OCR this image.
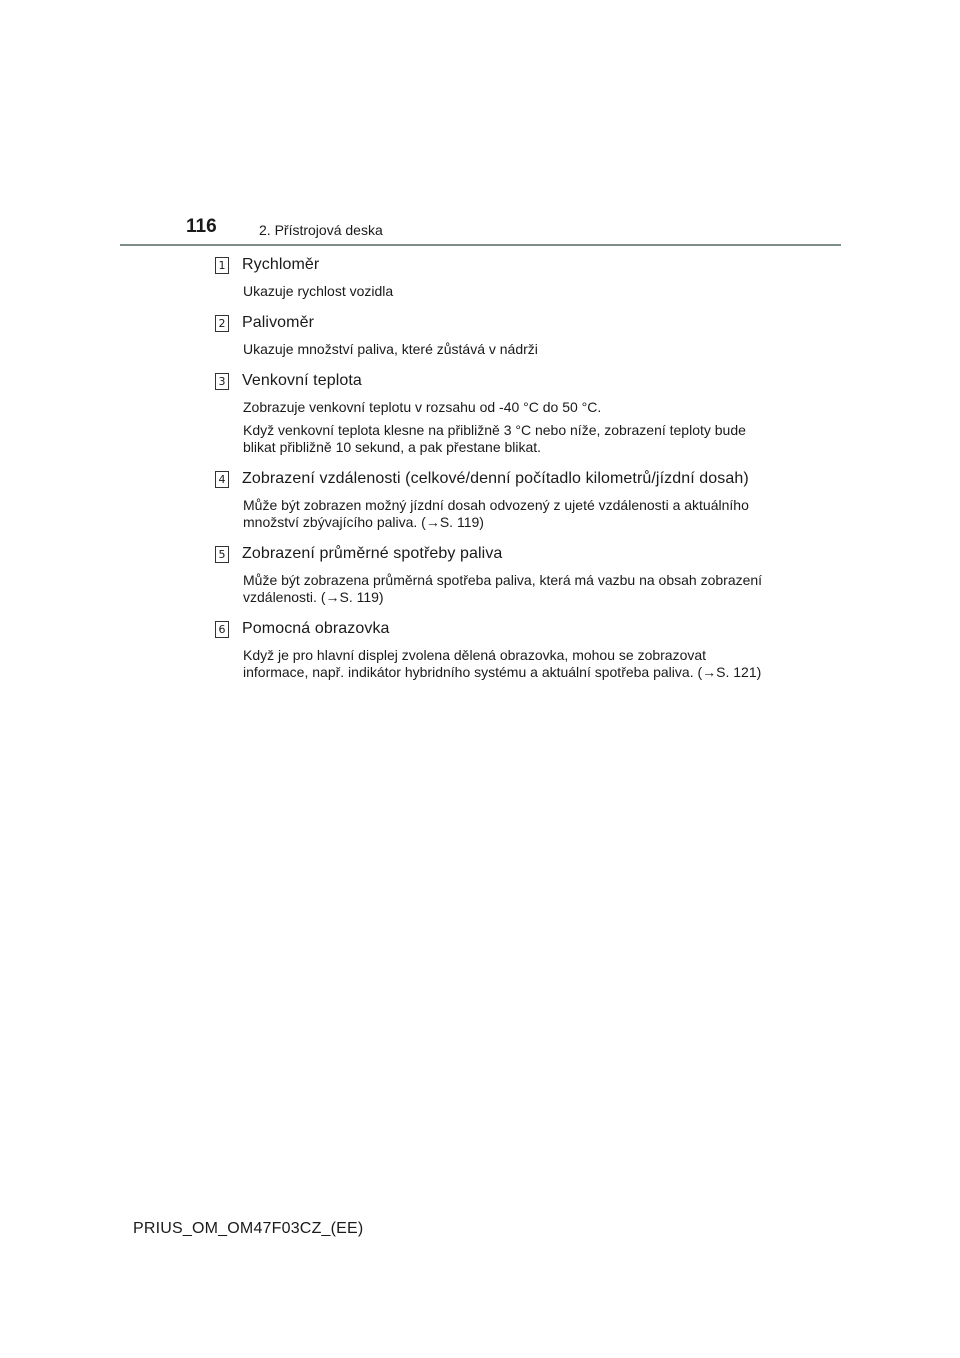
116	2. Přístrojová deska
1 Rychloměr

Ukazuje rychlost vozidla

2 Palivoměr

Ukazuje množství paliva, které zůstává v nádrži

3 Venkovní teplota

Zobrazuje venkovní teplotu v rozsahu od -40 °C do 50 °C.

Když venkovní teplota klesne na přibližně 3 °C nebo níže, zobrazení teploty bude blikat přibližně 10 sekund, a pak přestane blikat.

4 Zobrazení vzdálenosti (celkové/denní počítadlo kilometrů/jízdní dosah)

Může být zobrazen možný jízdní dosah odvozený z ujeté vzdálenosti a aktuálního množství zbývajícího paliva. (→S. 119)

5 Zobrazení průměrné spotřeby paliva

Může být zobrazena průměrná spotřeba paliva, která má vazbu na obsah zobrazení vzdálenosti. (→S. 119)

6 Pomocná obrazovka

Když je pro hlavní displej zvolena dělená obrazovka, mohou se zobrazovat informace, např. indikátor hybridního systému a aktuální spotřeba paliva. (→S. 121)

PRIUS_OM_OM47F03CZ_(EE)
